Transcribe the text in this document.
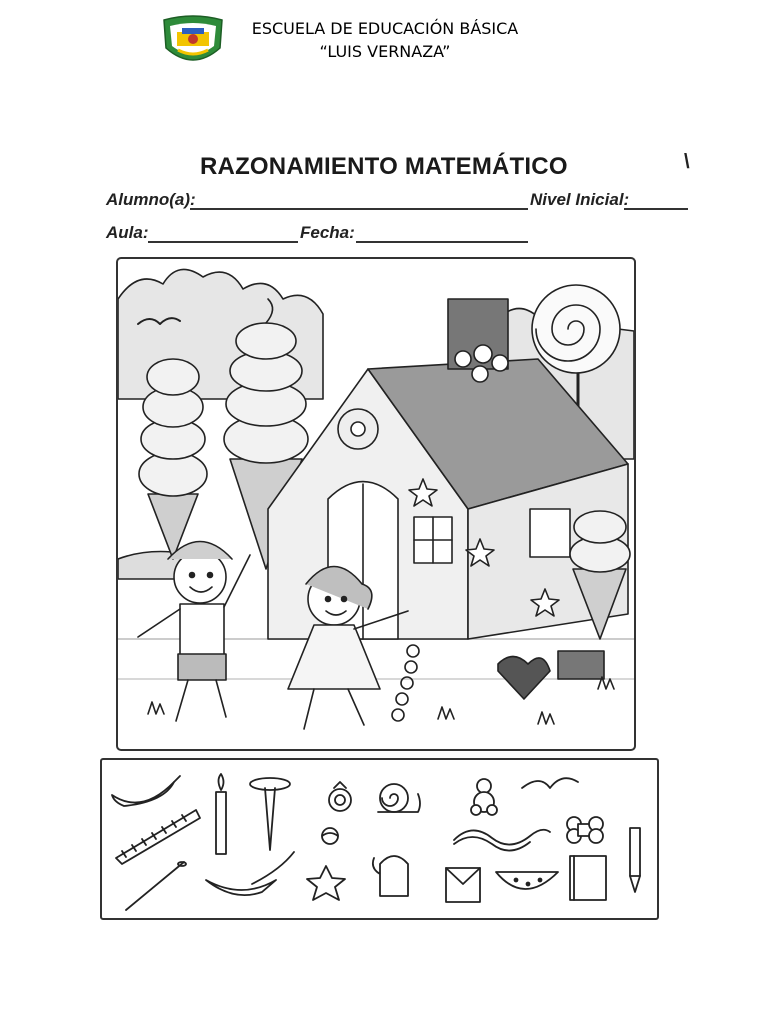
ESCUELA DE EDUCACIÓN BÁSICA
“LUIS VERNAZA”
RAZONAMIENTO MATEMÁTICO	\
Alumno(a):	Nivel Inicial:
Aula:	Fecha:
